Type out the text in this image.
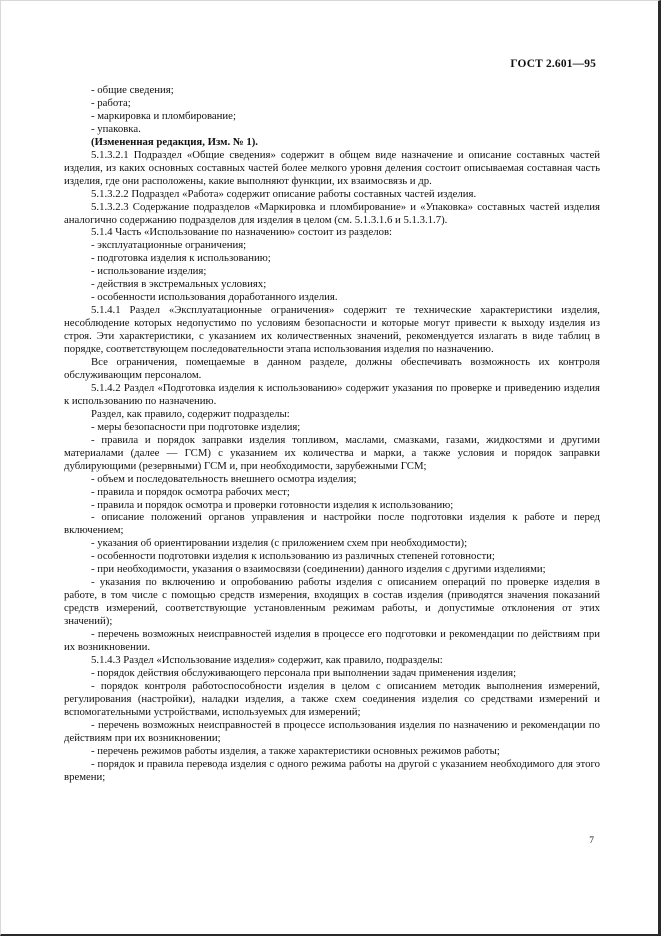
ГОСТ 2.601—95

- общие сведения;

- работа;

- маркировка и пломбирование;

- упаковка.

(Измененная редакция, Изм. № 1).

5.1.3.2.1 Подраздел «Общие сведения» содержит в общем виде назначение и описание составных частей изделия, из каких основных составных частей более мелкого уровня деления состоит описываемая составная часть изделия, где они расположены, какие выполняют функции, их взаимосвязь и др.

5.1.3.2.2 Подраздел «Работа» содержит описание работы составных частей изделия.

5.1.3.2.3 Содержание подразделов «Маркировка и пломбирование» и «Упаковка» составных частей изделия аналогично содержанию подразделов для изделия в целом (см. 5.1.3.1.6 и 5.1.3.1.7).

5.1.4 Часть «Использование по назначению» состоит из разделов:

- эксплуатационные ограничения;

- подготовка изделия к использованию;

- использование изделия;

- действия в экстремальных условиях;

- особенности использования доработанного изделия.

5.1.4.1 Раздел «Эксплуатационные ограничения» содержит те технические характеристики изделия, несоблюдение которых недопустимо по условиям безопасности и которые могут привести к выходу изделия из строя. Эти характеристики, с указанием их количественных значений, рекомендуется излагать в виде таблиц в порядке, соответствующем последовательности этапа использования изделия по назначению.

Все ограничения, помещаемые в данном разделе, должны обеспечивать возможность их контроля обслуживающим персоналом.

5.1.4.2 Раздел «Подготовка изделия к использованию» содержит указания по проверке и приведению изделия к использованию по назначению.

Раздел, как правило, содержит подразделы:

- меры безопасности при подготовке изделия;

- правила и порядок заправки изделия топливом, маслами, смазками, газами, жидкостями и другими материалами (далее — ГСМ) с указанием их количества и марки, а также условия и порядок заправки дублирующими (резервными) ГСМ и, при необходимости, зарубежными ГСМ;

- объем и последовательность внешнего осмотра изделия;

- правила и порядок осмотра рабочих мест;

- правила и порядок осмотра и проверки готовности изделия к использованию;

- описание положений органов управления и настройки после подготовки изделия к работе и перед включением;

- указания об ориентировании изделия (с приложением схем при необходимости);

- особенности подготовки изделия к использованию из различных степеней готовности;

- при необходимости, указания о взаимосвязи (соединении) данного изделия с другими изделиями;

- указания по включению и опробованию работы изделия с описанием операций по проверке изделия в работе, в том числе с помощью средств измерения, входящих в состав изделия (приводятся значения показаний средств измерений, соответствующие установленным режимам работы, и допустимые отклонения от этих значений);

- перечень возможных неисправностей изделия в процессе его подготовки и рекомендации по действиям при их возникновении.

5.1.4.3 Раздел «Использование изделия» содержит, как правило, подразделы:

- порядок действия обслуживающего персонала при выполнении задач применения изделия;

- порядок контроля работоспособности изделия в целом с описанием методик выполнения измерений, регулирования (настройки), наладки изделия, а также схем соединения изделия со средствами измерений и вспомогательными устройствами, используемых для измерений;

- перечень возможных неисправностей в процессе использования изделия по назначению и рекомендации по действиям при их возникновении;

- перечень режимов работы изделия, а также характеристики основных режимов работы;

- порядок и правила перевода изделия с одного режима работы на другой с указанием необходимого для этого времени;

7
